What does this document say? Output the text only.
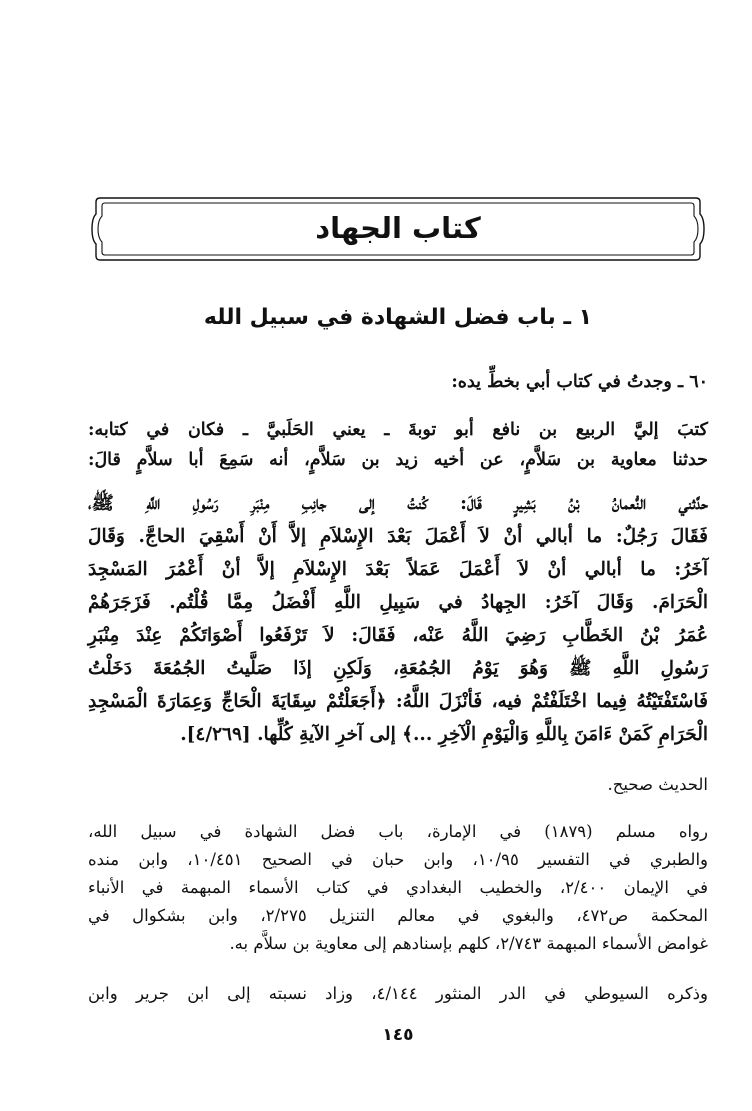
كتاب الجهاد
١ ـ باب فضل الشهادة في سبيل الله
٦٠ ـ وجدتُ في كتاب أبي بخطِّ يده:
كتبَ إليَّ الربيع بن نافع أبو توبةَ ـ يعني الحَلَبيَّ ـ فكان في كتابه:
حدثنا معاوية بن سَلاَّمٍ، عن أخيه زيد بن سَلاَّمٍ، أنه سَمِعَ أبا سلاَّمٍ قالَ:
حدَّثني النُّعمانُ بْنُ بَشِيرٍ قَالَ: كُنتُ إلى جانِبِ مِنْبَرِ رَسُولِ اللَّهِ ﷺ،
فَقَالَ رَجُلٌ: ما أبالي أنْ لاَ أَعْمَلَ بَعْدَ الإِسْلاَمِ إلاَّ أَنْ أَسْقِيَ الحاجَّ. وَقَالَ
آخَرُ: ما أبالي أنْ لاَ أَعْمَلَ عَمَلاً بَعْدَ الإِسْلاَمِ إلاَّ أنْ أَعْمُرَ المَسْجِدَ
الْحَرَامَ. وَقَالَ آخَرُ: الجِهادُ في سَبِيلِ اللَّهِ أَفْضَلُ مِمَّا قُلْتُم. فَزَجَرَهُمْ
عُمَرُ بْنُ الخَطَّابِ رَضِيَ اللَّهُ عَنْه، فَقَالَ: لاَ تَرْفَعُوا أَصْوَاتَكُمْ عِنْدَ مِنْبَرِ
رَسُولِ اللَّهِ ﷺ وَهُوَ يَوْمُ الجُمُعَةِ، وَلَكِنِ إذَا صَلَّيتُ الجُمُعَةَ دَخَلْتُ
فَاسْتَفْتَيْتُهُ فِيما اخْتَلَفْتُمْ فيه، فَأنْزَلَ اللَّهُ: ﴿أَجَعَلْتُمْ سِقَايَةَ الْحَاجِّ وَعِمَارَةَ الْمَسْجِدِ
الْحَرَامِ كَمَنْ ءَامَنَ بِاللَّهِ وَالْيَوْمِ الْآخِرِ ...﴾ إلى آخرِ الآيةِ كُلِّها. [٤/٢٦٩].
الحديث صحيح.
رواه مسلم (١٨٧٩) في الإمارة، باب فضل الشهادة في سبيل الله،
والطبري في التفسير ١٠/٩٥، وابن حبان في الصحيح ١٠/٤٥١، وابن منده
في الإيمان ٢/٤٠٠، والخطيب البغدادي في كتاب الأسماء المبهمة في الأنباء
المحكمة ص٤٧٢، والبغوي في معالم التنزيل ٢/٢٧٥، وابن بشكوال في
غوامض الأسماء المبهمة ٢/٧٤٣، كلهم بإسنادهم إلى معاوية بن سلاَّم به.
وذكره السيوطي في الدر المنثور ٤/١٤٤، وزاد نسبته إلى ابن جرير وابن
١٤٥
